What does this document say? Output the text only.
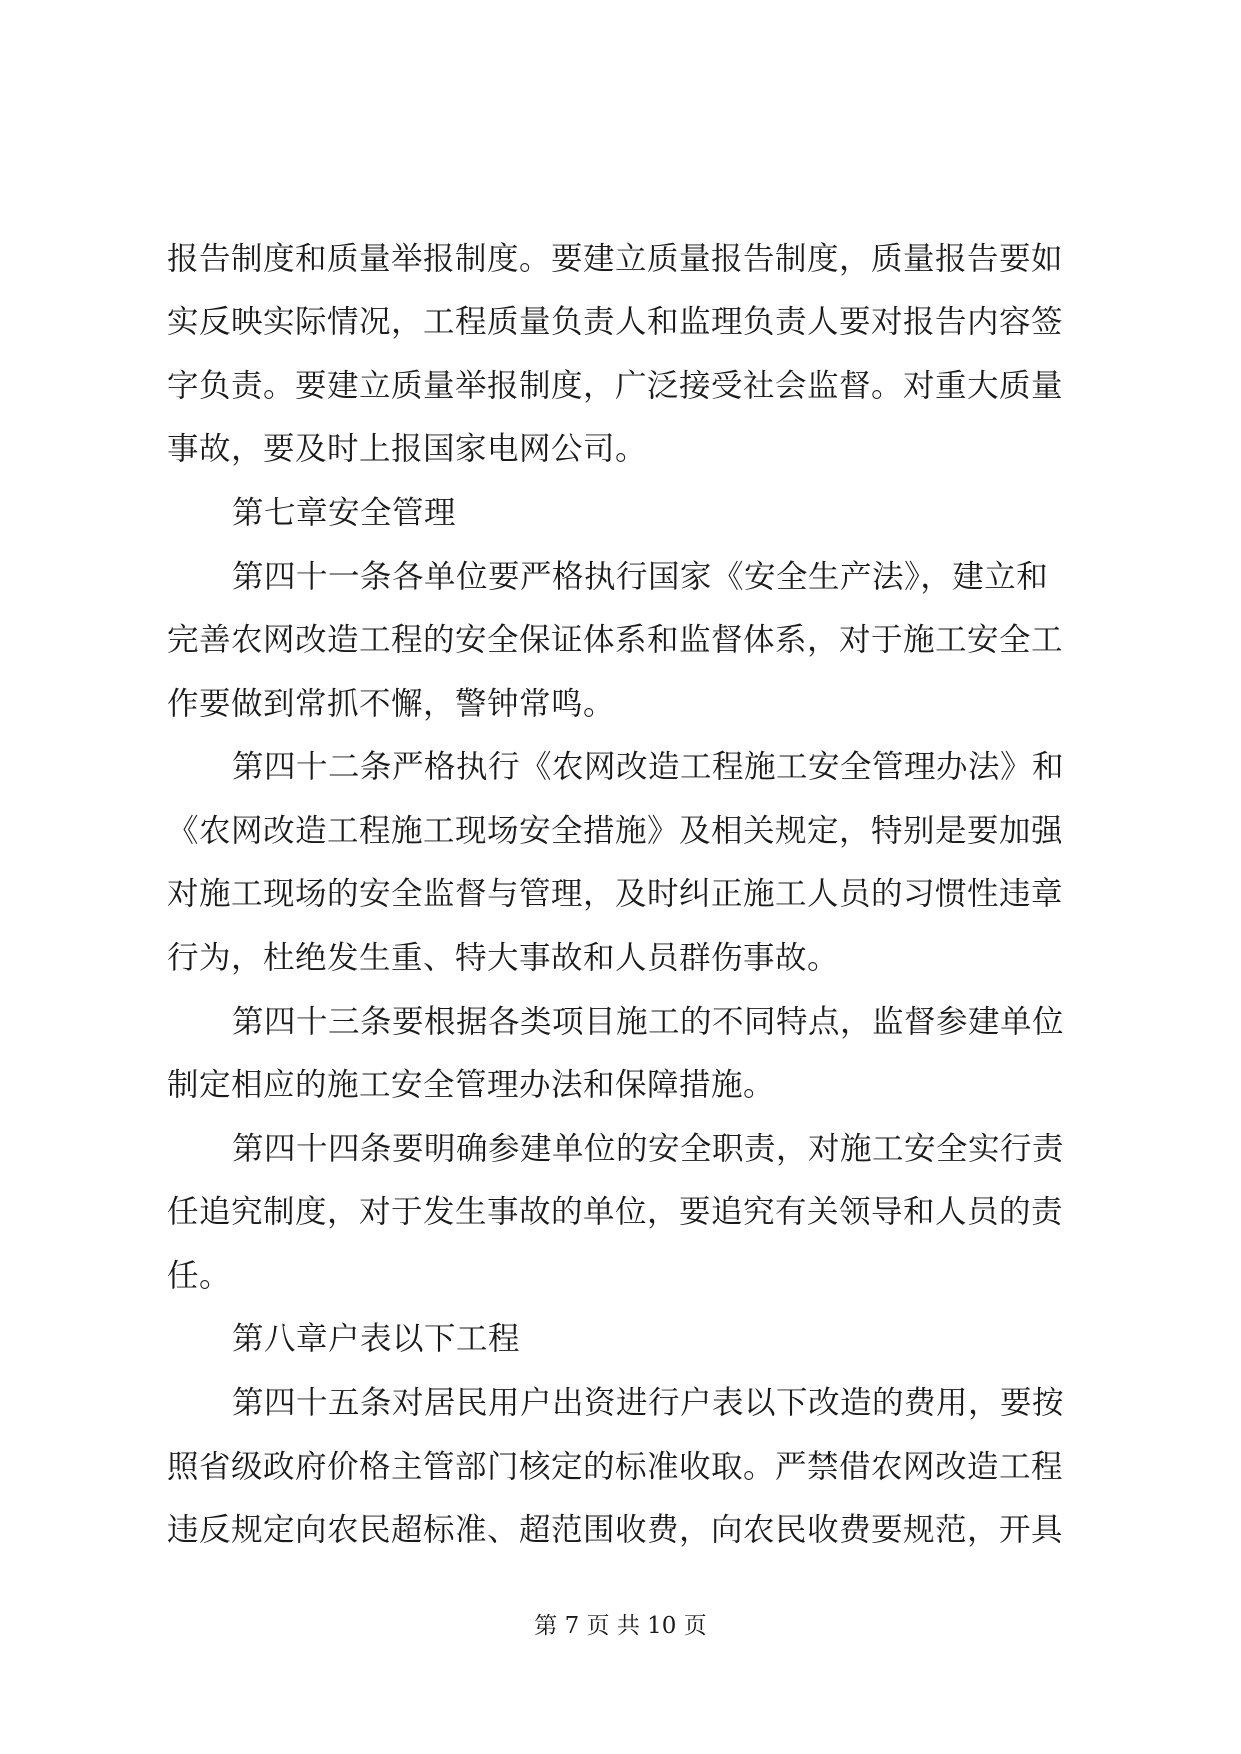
报告制度和质量举报制度。要建立质量报告制度，质量报告要如
实反映实际情况，工程质量负责人和监理负责人要对报告内容签
字负责。要建立质量举报制度，广泛接受社会监督。对重大质量
事故，要及时上报国家电网公司。
第七章安全管理
第四十一条各单位要严格执行国家《安全生产法》，建立和
完善农网改造工程的安全保证体系和监督体系，对于施工安全工
作要做到常抓不懈，警钟常鸣。
第四十二条严格执行《农网改造工程施工安全管理办法》和
《农网改造工程施工现场安全措施》及相关规定，特别是要加强
对施工现场的安全监督与管理，及时纠正施工人员的习惯性违章
行为，杜绝发生重、特大事故和人员群伤事故。
第四十三条要根据各类项目施工的不同特点，监督参建单位
制定相应的施工安全管理办法和保障措施。
第四十四条要明确参建单位的安全职责，对施工安全实行责
任追究制度，对于发生事故的单位，要追究有关领导和人员的责
任。
第八章户表以下工程
第四十五条对居民用户出资进行户表以下改造的费用，要按
照省级政府价格主管部门核定的标准收取。严禁借农网改造工程
违反规定向农民超标准、超范围收费，向农民收费要规范，开具
第 7 页 共 10 页
